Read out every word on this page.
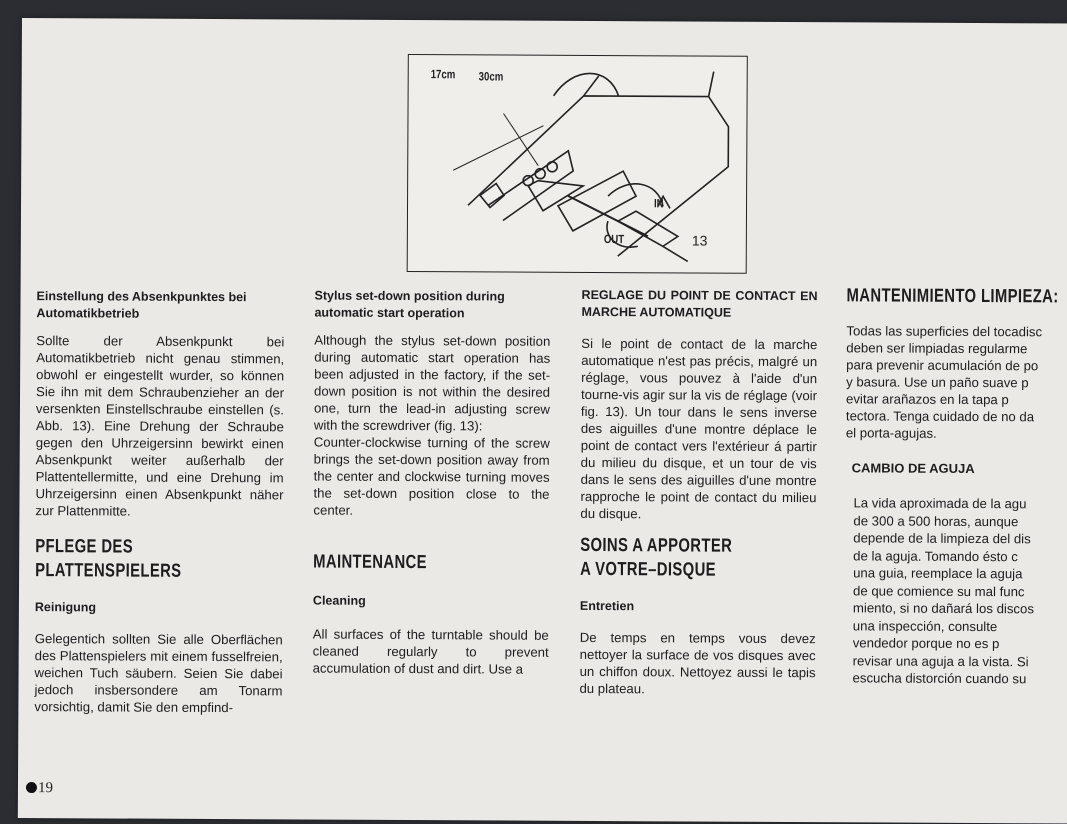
17cm 30cm
IN
OUT	13
Einstellung des Absenkpunktes bei Automatikbetrieb
Sollte der Absenkpunkt bei Automatikbetrieb nicht genau stimmen, obwohl er eingestellt wurder, so können Sie ihn mit dem Schraubenzieher an der versenkten Einstellschraube einstellen (s. Abb. 13). Eine Drehung der Schraube gegen den Uhrzeigersinn bewirkt einen Absenkpunkt weiter außerhalb der Plattentellermitte, und eine Drehung im Uhrzeigersinn einen Absenkpunkt näher zur Plattenmitte.
PFLEGE DES
PLATTENSPIELERS
Reinigung
Gelegentich sollten Sie alle Oberflächen des Plattenspielers mit einem fusselfreien, weichen Tuch säubern. Seien Sie dabei jedoch insbersondere am Tonarm vorsichtig, damit Sie den empfind-
Stylus set-down position during automatic start operation
Although the stylus set-down position during automatic start operation has been adjusted in the factory, if the set-down position is not within the desired one, turn the lead-in adjusting screw with the screwdriver (fig. 13):
Counter-clockwise turning of the screw brings the set-down position away from the center and clockwise turning moves the set-down position close to the center.
MAINTENANCE
Cleaning
All surfaces of the turntable should be cleaned regularly to prevent accumulation of dust and dirt. Use a
REGLAGE DU POINT DE CONTACT EN MARCHE AUTOMATIQUE
Si le point de contact de la marche automatique n'est pas précis, malgré un réglage, vous pouvez à l'aide d'un tourne-vis agir sur la vis de réglage (voir fig. 13). Un tour dans le sens inverse des aiguilles d'une montre déplace le point de contact vers l'extérieur á partir du milieu du disque, et un tour de vis dans le sens des aiguilles d'une montre rapproche le point de contact du milieu du disque.
SOINS A APPORTER
A VOTRE–DISQUE
Entretien
De temps en temps vous devez nettoyer la surface de vos disques avec un chiffon doux. Nettoyez aussi le tapis du plateau.
MANTENIMIENTO LIMPIEZA:
Todas las superficies del tocadisc
deben ser limpiadas regularme
para prevenir acumulación de po
y basura. Use un paño suave p
evitar arañazos en la tapa p
tectora. Tenga cuidado de no da
el porta-agujas.
CAMBIO DE AGUJA
La vida aproximada de la agu
de 300 a 500 horas, aunque
depende de la limpieza del dis
de la aguja. Tomando ésto c
una guia, reemplace la aguja
de que comience su mal func
miento, si no dañará los discos
una inspección, consulte
vendedor porque no es p
revisar una aguja a la vista. Si
escucha distorción cuando su
19
